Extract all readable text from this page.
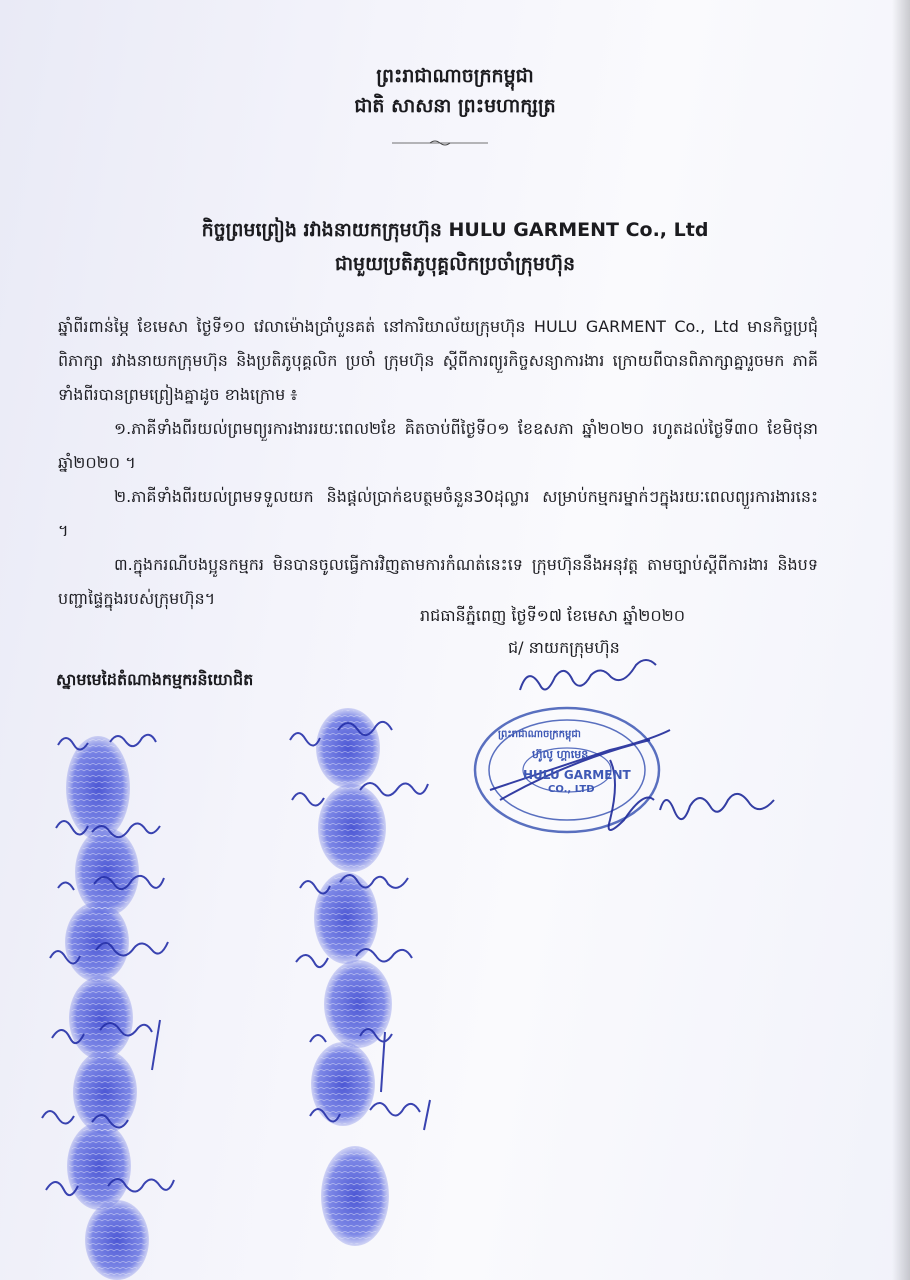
ព្រះរាជាណាចក្រកម្ពុជា
ជាតិ សាសនា ព្រះមហាក្សត្រ
កិច្ចព្រមព្រៀង រវាងនាយកក្រុមហ៊ុន HULU GARMENT Co., Ltd
ជាមួយប្រតិភូបុគ្គលិកប្រចាំក្រុមហ៊ុន
ឆ្នាំពីរពាន់ម្ភៃ ខែមេសា ថ្ងៃទី១០ វេលាម៉ោងប្រាំបួនគត់ នៅការិយាល័យក្រុមហ៊ុន HULU GARMENT Co., Ltd មានកិច្ចប្រជុំពិភាក្សា រវាងនាយកក្រុមហ៊ុន និងប្រតិភូបុគ្គលិក ប្រចាំ ក្រុមហ៊ុន ស្តីពីការព្យួរកិច្ចសន្យាការងារ ក្រោយពីបានពិភាក្សាគ្នារួចមក ភាគីទាំងពីរបានព្រមព្រៀងគ្នាដូច ខាងក្រោម ៖
១.ភាគីទាំងពីរយល់ព្រមព្យួរការងាររយៈពេល២ខែ គិតចាប់ពីថ្ងៃទី០១ ខែឧសភា ឆ្នាំ២០២០ រហូតដល់ថ្ងៃទី៣០ ខែមិថុនា ឆ្នាំ២០២០ ។
២.ភាគីទាំងពីរយល់ព្រមទទួលយក និងផ្តល់ប្រាក់ឧបត្ថមចំនួន30ដុល្លារ សម្រាប់កម្មករម្នាក់ៗក្នុងរយៈពេលព្យួរការងារនេះ ។
៣.ក្នុងករណីបងប្អូនកម្មករ មិនបានចូលធ្វើការវិញតាមការកំណត់នេះទេ ក្រុមហ៊ុននឹងអនុវត្ត តាមច្បាប់ស្តីពីការងារ និងបទបញ្ជាផ្ទៃក្នុងរបស់ក្រុមហ៊ុន។
រាជធានីភ្នំពេញ ថ្ងៃទី១៧ ខែមេសា ឆ្នាំ២០២០
ជ/ នាយកក្រុមហ៊ុន
ស្នាមមេដៃតំណាងកម្មករនិយោជិត
ព្រះរាជាណាចក្រកម្ពុជា
ហ៊ូលូ ហ្គាមេន
HULU GARMENT
CO., LTD
